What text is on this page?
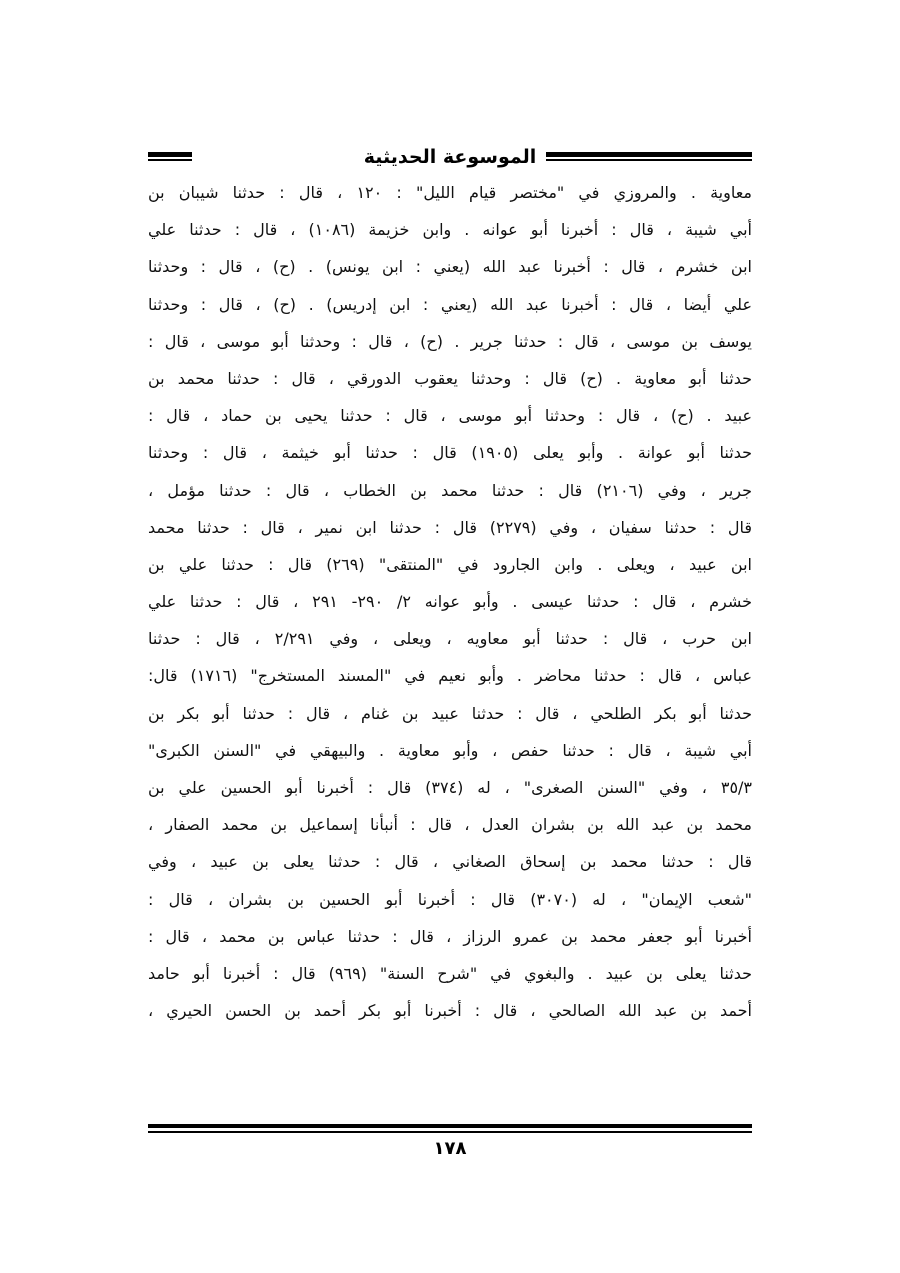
الموسوعة الحديثية
معاوية . والمروزي في "مختصر قيام الليل" : ١٢٠ ، قال : حدثنا شيبان بن
أبي شيبة ، قال : أخبرنا أبو عوانه . وابن خزيمة (١٠٨٦) ، قال : حدثنا علي
ابن خشرم ، قال : أخبرنا عبد الله (يعني : ابن يونس) . (ح) ، قال : وحدثنا
علي أيضا ، قال : أخبرنا عبد الله (يعني : ابن إدريس) . (ح) ، قال : وحدثنا
يوسف بن موسى ، قال : حدثنا جرير . (ح) ، قال : وحدثنا أبو موسى ، قال :
حدثنا أبو معاوية . (ح) قال : وحدثنا يعقوب الدورقي ، قال : حدثنا محمد بن
عبيد . (ح) ، قال : وحدثنا أبو موسى ، قال : حدثنا يحيى بن حماد ، قال :
حدثنا أبو عوانة . وأبو يعلى (١٩٠٥) قال : حدثنا أبو خيثمة ، قال : وحدثنا
جرير ، وفي (٢١٠٦) قال : حدثنا محمد بن الخطاب ، قال : حدثنا مؤمل ،
قال : حدثنا سفيان ، وفي (٢٢٧٩) قال : حدثنا ابن نمير ، قال : حدثنا محمد
ابن عبيد ، ويعلى . وابن الجارود في "المنتقى" (٢٦٩) قال : حدثنا علي بن
خشرم ، قال : حدثنا عيسى . وأبو عوانه ٢/ ٢٩٠- ٢٩١ ، قال : حدثنا علي
ابن حرب ، قال : حدثنا أبو معاويه ، ويعلى ، وفي ٢/٢٩١ ، قال : حدثنا
عباس ، قال : حدثنا محاضر . وأبو نعيم في "المسند المستخرج" (١٧١٦) قال:
حدثنا أبو بكر الطلحي ، قال : حدثنا عبيد بن غنام ، قال : حدثنا أبو بكر بن
أبي شيبة ، قال : حدثنا حفص ، وأبو معاوية . والبيهقي في "السنن الكبرى"
٣٥/٣ ، وفي "السنن الصغرى" ، له (٣٧٤) قال : أخبرنا أبو الحسين علي بن
محمد بن عبد الله بن بشران العدل ، قال : أنبأنا إسماعيل بن محمد الصفار ،
قال : حدثنا محمد بن إسحاق الصغاني ، قال : حدثنا يعلى بن عبيد ، وفي
"شعب الإيمان" ، له (٣٠٧٠) قال : أخبرنا أبو الحسين بن بشران ، قال :
أخبرنا أبو جعفر محمد بن عمرو الرزاز ، قال : حدثنا عباس بن محمد ، قال :
حدثنا يعلى بن عبيد . والبغوي في "شرح السنة" (٩٦٩) قال : أخبرنا أبو حامد
أحمد بن عبد الله الصالحي ، قال : أخبرنا أبو بكر أحمد بن الحسن الحيري ،
١٧٨
